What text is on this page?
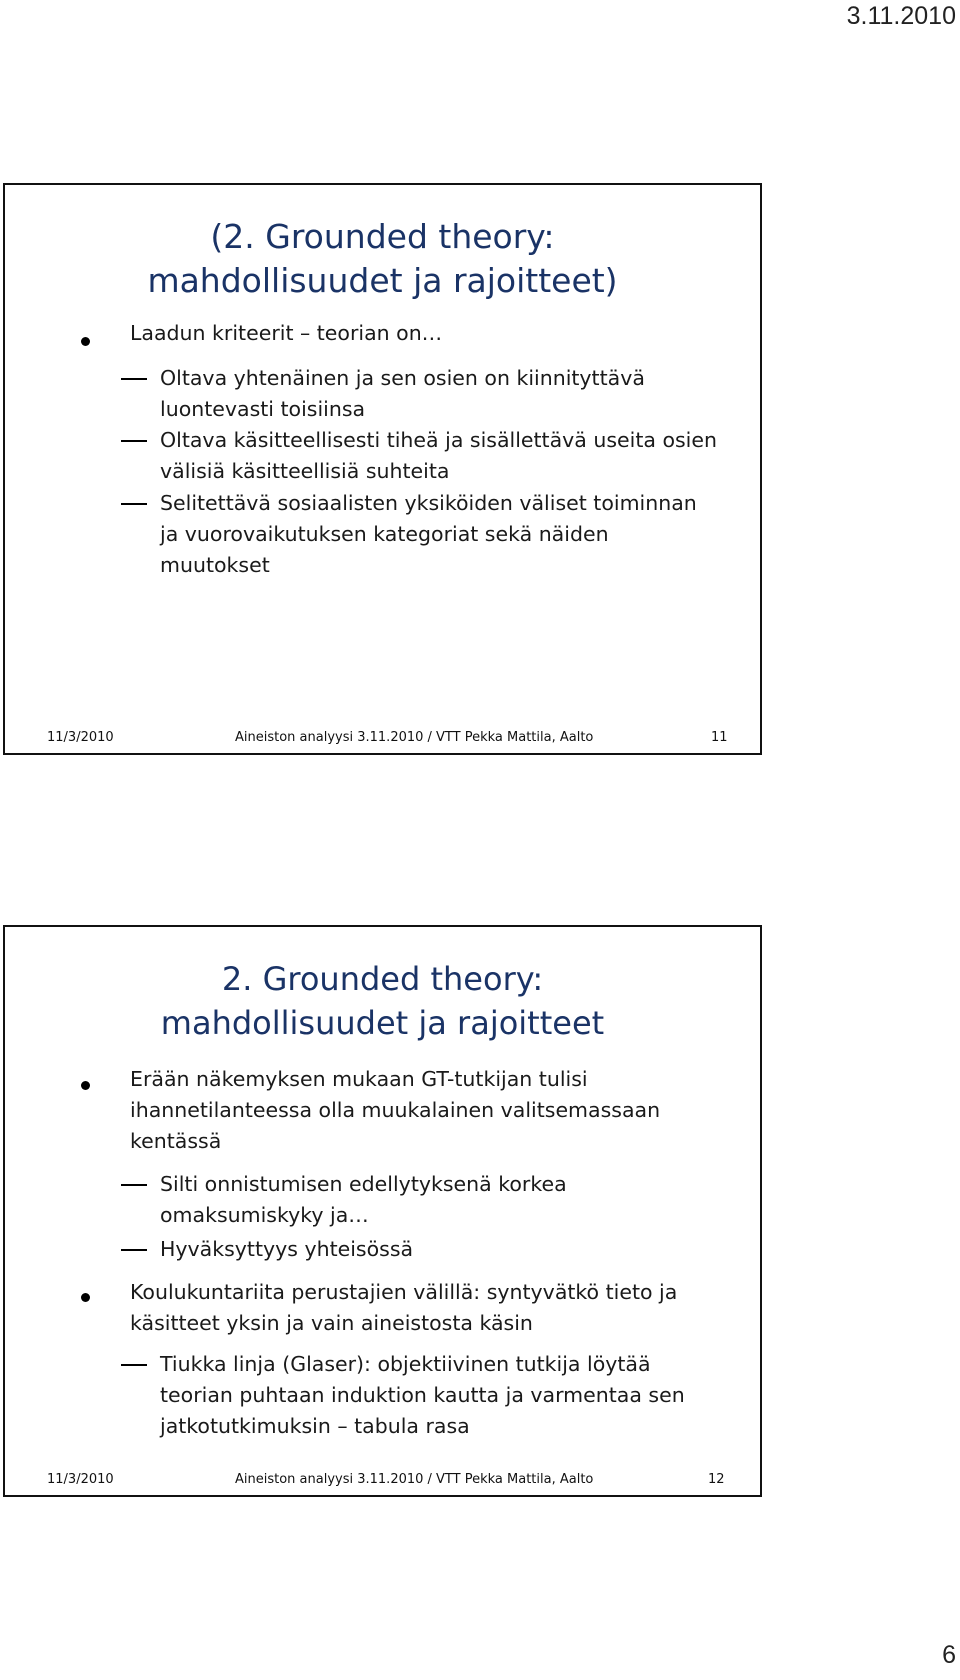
3.11.2010
(2. Grounded theory:
mahdollisuudet ja rajoitteet)
Laadun kriteerit – teorian on…
Oltava yhtenäinen ja sen osien on kiinnityttävä
luontevasti toisiinsa
Oltava käsitteellisesti tiheä ja sisällettävä useita osien
välisiä käsitteellisiä suhteita
Selitettävä sosiaalisten yksiköiden väliset toiminnan
ja vuorovaikutuksen kategoriat sekä näiden
muutokset
11/3/2010	Aineiston analyysi 3.11.2010 / VTT Pekka Mattila, Aalto	11
2. Grounded theory:
mahdollisuudet ja rajoitteet
Erään näkemyksen mukaan GT-tutkijan tulisi
ihannetilanteessa olla muukalainen valitsemassaan
kentässä
Silti onnistumisen edellytyksenä korkea
omaksumiskyky ja…
Hyväksyttyys yhteisössä
Koulukuntariita perustajien välillä: syntyvätkö tieto ja
käsitteet yksin ja vain aineistosta käsin
Tiukka linja (Glaser): objektiivinen tutkija löytää
teorian puhtaan induktion kautta ja varmentaa sen
jatkotutkimuksin – tabula rasa
11/3/2010	Aineiston analyysi 3.11.2010 / VTT Pekka Mattila, Aalto	12
6
